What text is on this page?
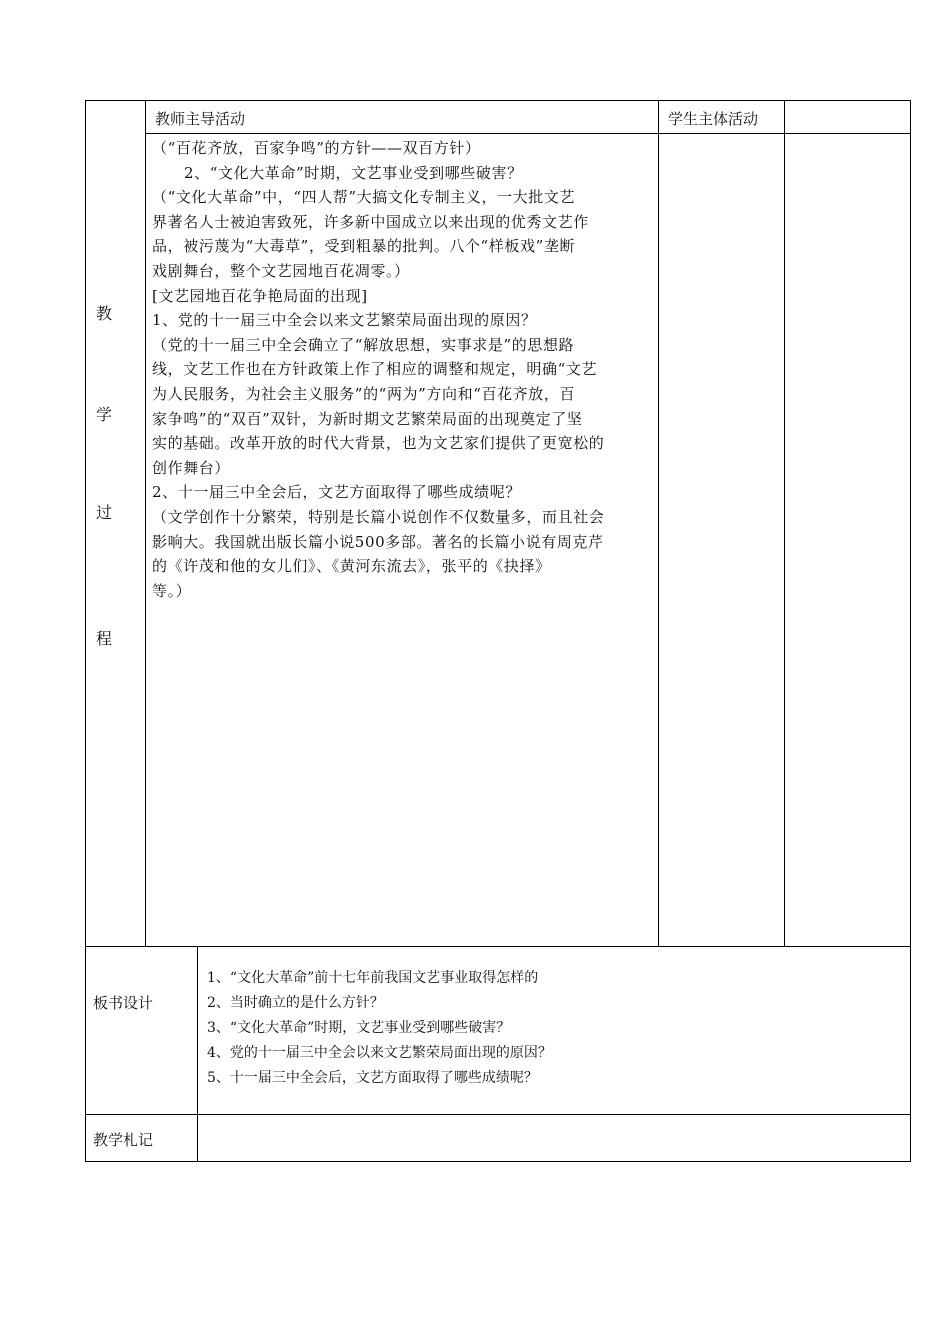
教
学
过
程
教师主导活动	学生主体活动
（“百花齐放，百家争鸣”的方针——双百方针）
2、“文化大革命”时期，文艺事业受到哪些破害？
（“文化大革命”中，“四人帮”大搞文化专制主义，一大批文艺
界著名人士被迫害致死，许多新中国成立以来出现的优秀文艺作
品，被污蔑为“大毒草”，受到粗暴的批判。八个“样板戏”垄断
戏剧舞台，整个文艺园地百花凋零。）
[文艺园地百花争艳局面的出现]
1、党的十一届三中全会以来文艺繁荣局面出现的原因？
（党的十一届三中全会确立了“解放思想，实事求是”的思想路
线，文艺工作也在方针政策上作了相应的调整和规定，明确“文艺
为人民服务，为社会主义服务”的“两为”方向和“百花齐放，百
家争鸣”的“双百”双针，为新时期文艺繁荣局面的出现奠定了坚
实的基础。改革开放的时代大背景，也为文艺家们提供了更宽松的
创作舞台）
2、十一届三中全会后，文艺方面取得了哪些成绩呢？
（文学创作十分繁荣，特别是长篇小说创作不仅数量多，而且社会
影响大。我国就出版长篇小说500多部。著名的长篇小说有周克芹
的《许茂和他的女儿们》、《黄河东流去》，张平的《抉择》
等。）
板书设计
1、“文化大革命”前十七年前我国文艺事业取得怎样的
2、当时确立的是什么方针？
3、“文化大革命”时期，文艺事业受到哪些破害？
4、党的十一届三中全会以来文艺繁荣局面出现的原因？
5、十一届三中全会后，文艺方面取得了哪些成绩呢？
教学札记
